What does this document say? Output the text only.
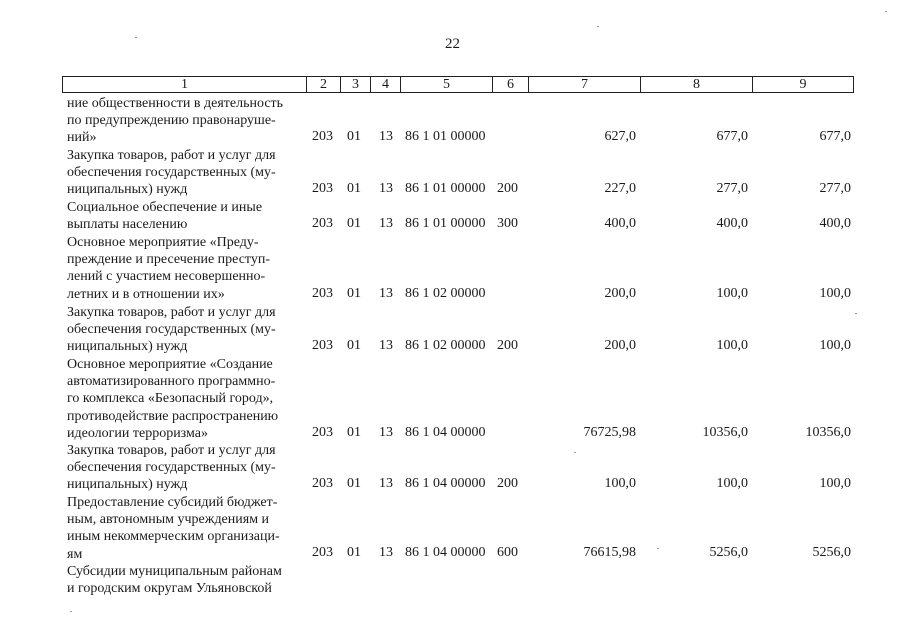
22
1	2	3	4	5	6	7	8	9
ние общественности в деятельность
по предупреждению правонаруше-
ний»	203 01 13 86 1 01 00000	627,0	677,0	677,0
Закупка товаров, работ и услуг для
обеспечения государственных (му-
ниципальных) нужд	203 01 13 86 1 01 00000 200	227,0	277,0	277,0
Социальное обеспечение и иные
выплаты населению	203 01 13 86 1 01 00000 300	400,0	400,0	400,0
Основное мероприятие «Преду-
преждение и пресечение преступ-
лений с участием несовершенно-
летних и в отношении их»	203 01 13 86 1 02 00000	200,0	100,0	100,0
Закупка товаров, работ и услуг для
обеспечения государственных (му-
ниципальных) нужд	203 01 13 86 1 02 00000 200	200,0	100,0	100,0
Основное мероприятие «Создание
автоматизированного программно-
го комплекса «Безопасный город»,
противодействие распространению
идеологии терроризма»	203 01 13 86 1 04 00000	76725,98	10356,0	10356,0
Закупка товаров, работ и услуг для
обеспечения государственных (му-
ниципальных) нужд	203 01 13 86 1 04 00000 200	100,0	100,0	100,0
Предоставление субсидий бюджет-
ным, автономным учреждениям и
иным некоммерческим организаци-
ям	203 01 13 86 1 04 00000 600	76615,98	5256,0	5256,0
Субсидии муниципальным районам
и городским округам Ульяновской
